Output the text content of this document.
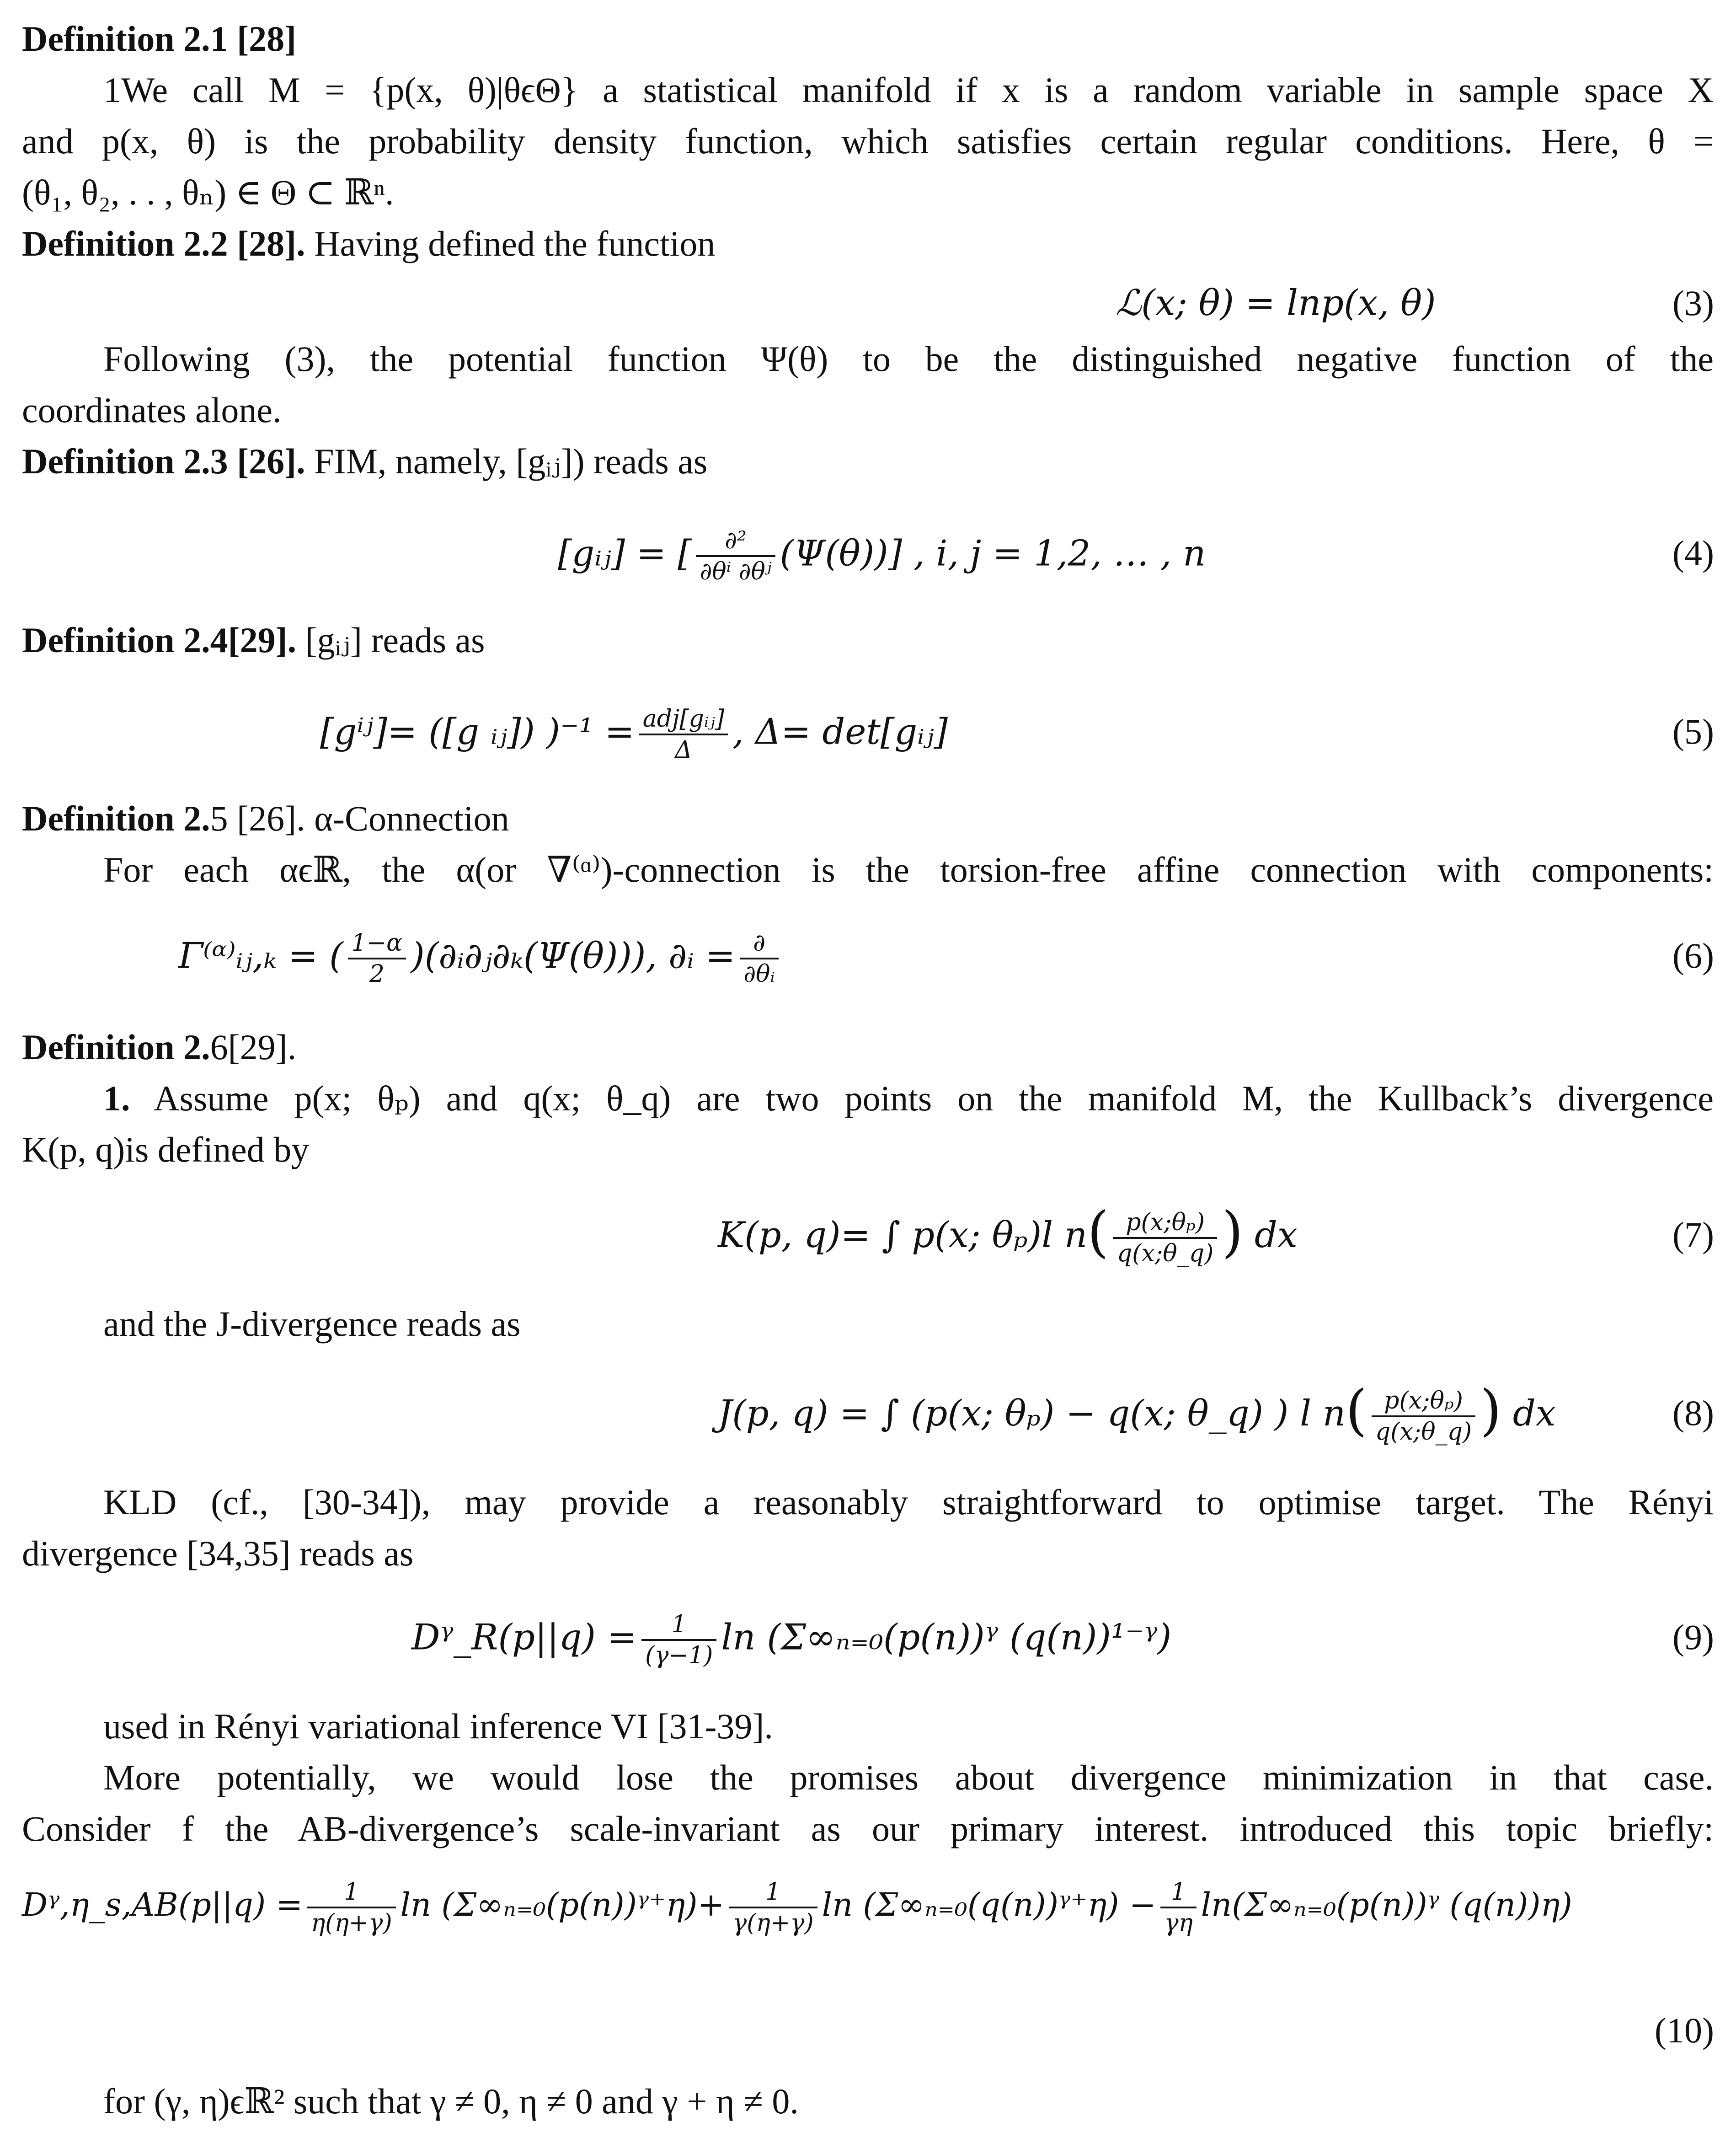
Definition 2.1 [28]
1We call M = {p(x, θ)|θϵΘ} a statistical manifold if x is a random variable in sample space X
and p(x, θ) is the probability density function, which satisfies certain regular conditions. Here, θ =
(θ₁, θ₂, . . , θₙ) ∈ Θ ⊂ ℝⁿ.
Definition 2.2 [28]. Having defined the function
ℒ(x; θ) = lnp(x, θ)	(3)
Following (3), the potential function Ψ(θ) to be the distinguished negative function of the
coordinates alone.
Definition 2.3 [26]. FIM, namely, [gᵢⱼ]) reads as
[gᵢⱼ] = [ $\frac{\text{∂²}}{\text{∂θⁱ ∂θʲ}} (\Psi(\theta))$] , i, j = 1,2, … , n	(4)
Definition 2.4[29]. [gᵢⱼ] reads as
[gⁱʲ]= ([g ᵢⱼ]) )$^{-1} = \frac{\text{adj[gᵢⱼ]}}{\Delta}$ , Δ= det[gᵢⱼ]	(5)
Definition 2.5 [26]. α-Connection
For each αϵℝ, the α(or ∇⁽ᵅ⁾)-connection is the torsion-free affine connection with components:
Γ⁽ᵅ⁾ᵢⱼ,ₖ = ( $\frac{1-\alpha}{2}$ )(∂ᵢ∂ⱼ∂ₖ(Ψ(θ))), ∂ᵢ = $\frac{\partial}{\text{∂θᵢ}}$	(6)
Definition 2.6[29].
1. Assume p(x; θₚ) and q(x; θ_q) are two points on the manifold M, the Kullback’s divergence
K(p, q)is defined by
K(p, q)= ∫ p(x; θₚ)l $n( \frac{\text{p(x;θₚ)}}{q(x;\theta\_q)}$ ) dx	(7)
and the J-divergence reads as
J(p, q) = ∫ (p(x; θₚ) − q(x; θ_q) ) l $n( \frac{\text{p(x;θₚ)}}{q(x;\theta\_q)}$ ) dx	(8)
KLD (cf., [30-34]), may provide a reasonably straightforward to optimise target. The Rényi
divergence [34,35] reads as
Dᵞ_R(p||q) = $\frac{1}{(\gamma-1)}$ ln (Σ∞ₙ₌₀(p(n))ᵞ (q(n))¹⁻ᵞ)	(9)
used in Rényi variational inference VI [31-39].
More potentially, we would lose the promises about divergence minimization in that case.
Consider f the AB-divergence’s scale-invariant as our primary interest. introduced this topic briefly:
Dᵞ,η_s,AB(p||q) = $\frac{1}{\eta(\eta+\gamma)}$ ln (Σ∞ₙ₌₀(p(n))ᵞ⁺η)+ $\frac{1}{\gamma(\eta+\gamma)}$ ln (Σ∞ₙ₌₀(q(n))ᵞ⁺η) − $\frac{1}{\gamma\eta}$ ln(Σ∞ₙ₌₀(p(n))ᵞ (q(n))η)
(10)
for (γ, η)ϵℝ² such that γ ≠ 0, η ≠ 0 and γ + η ≠ 0.
